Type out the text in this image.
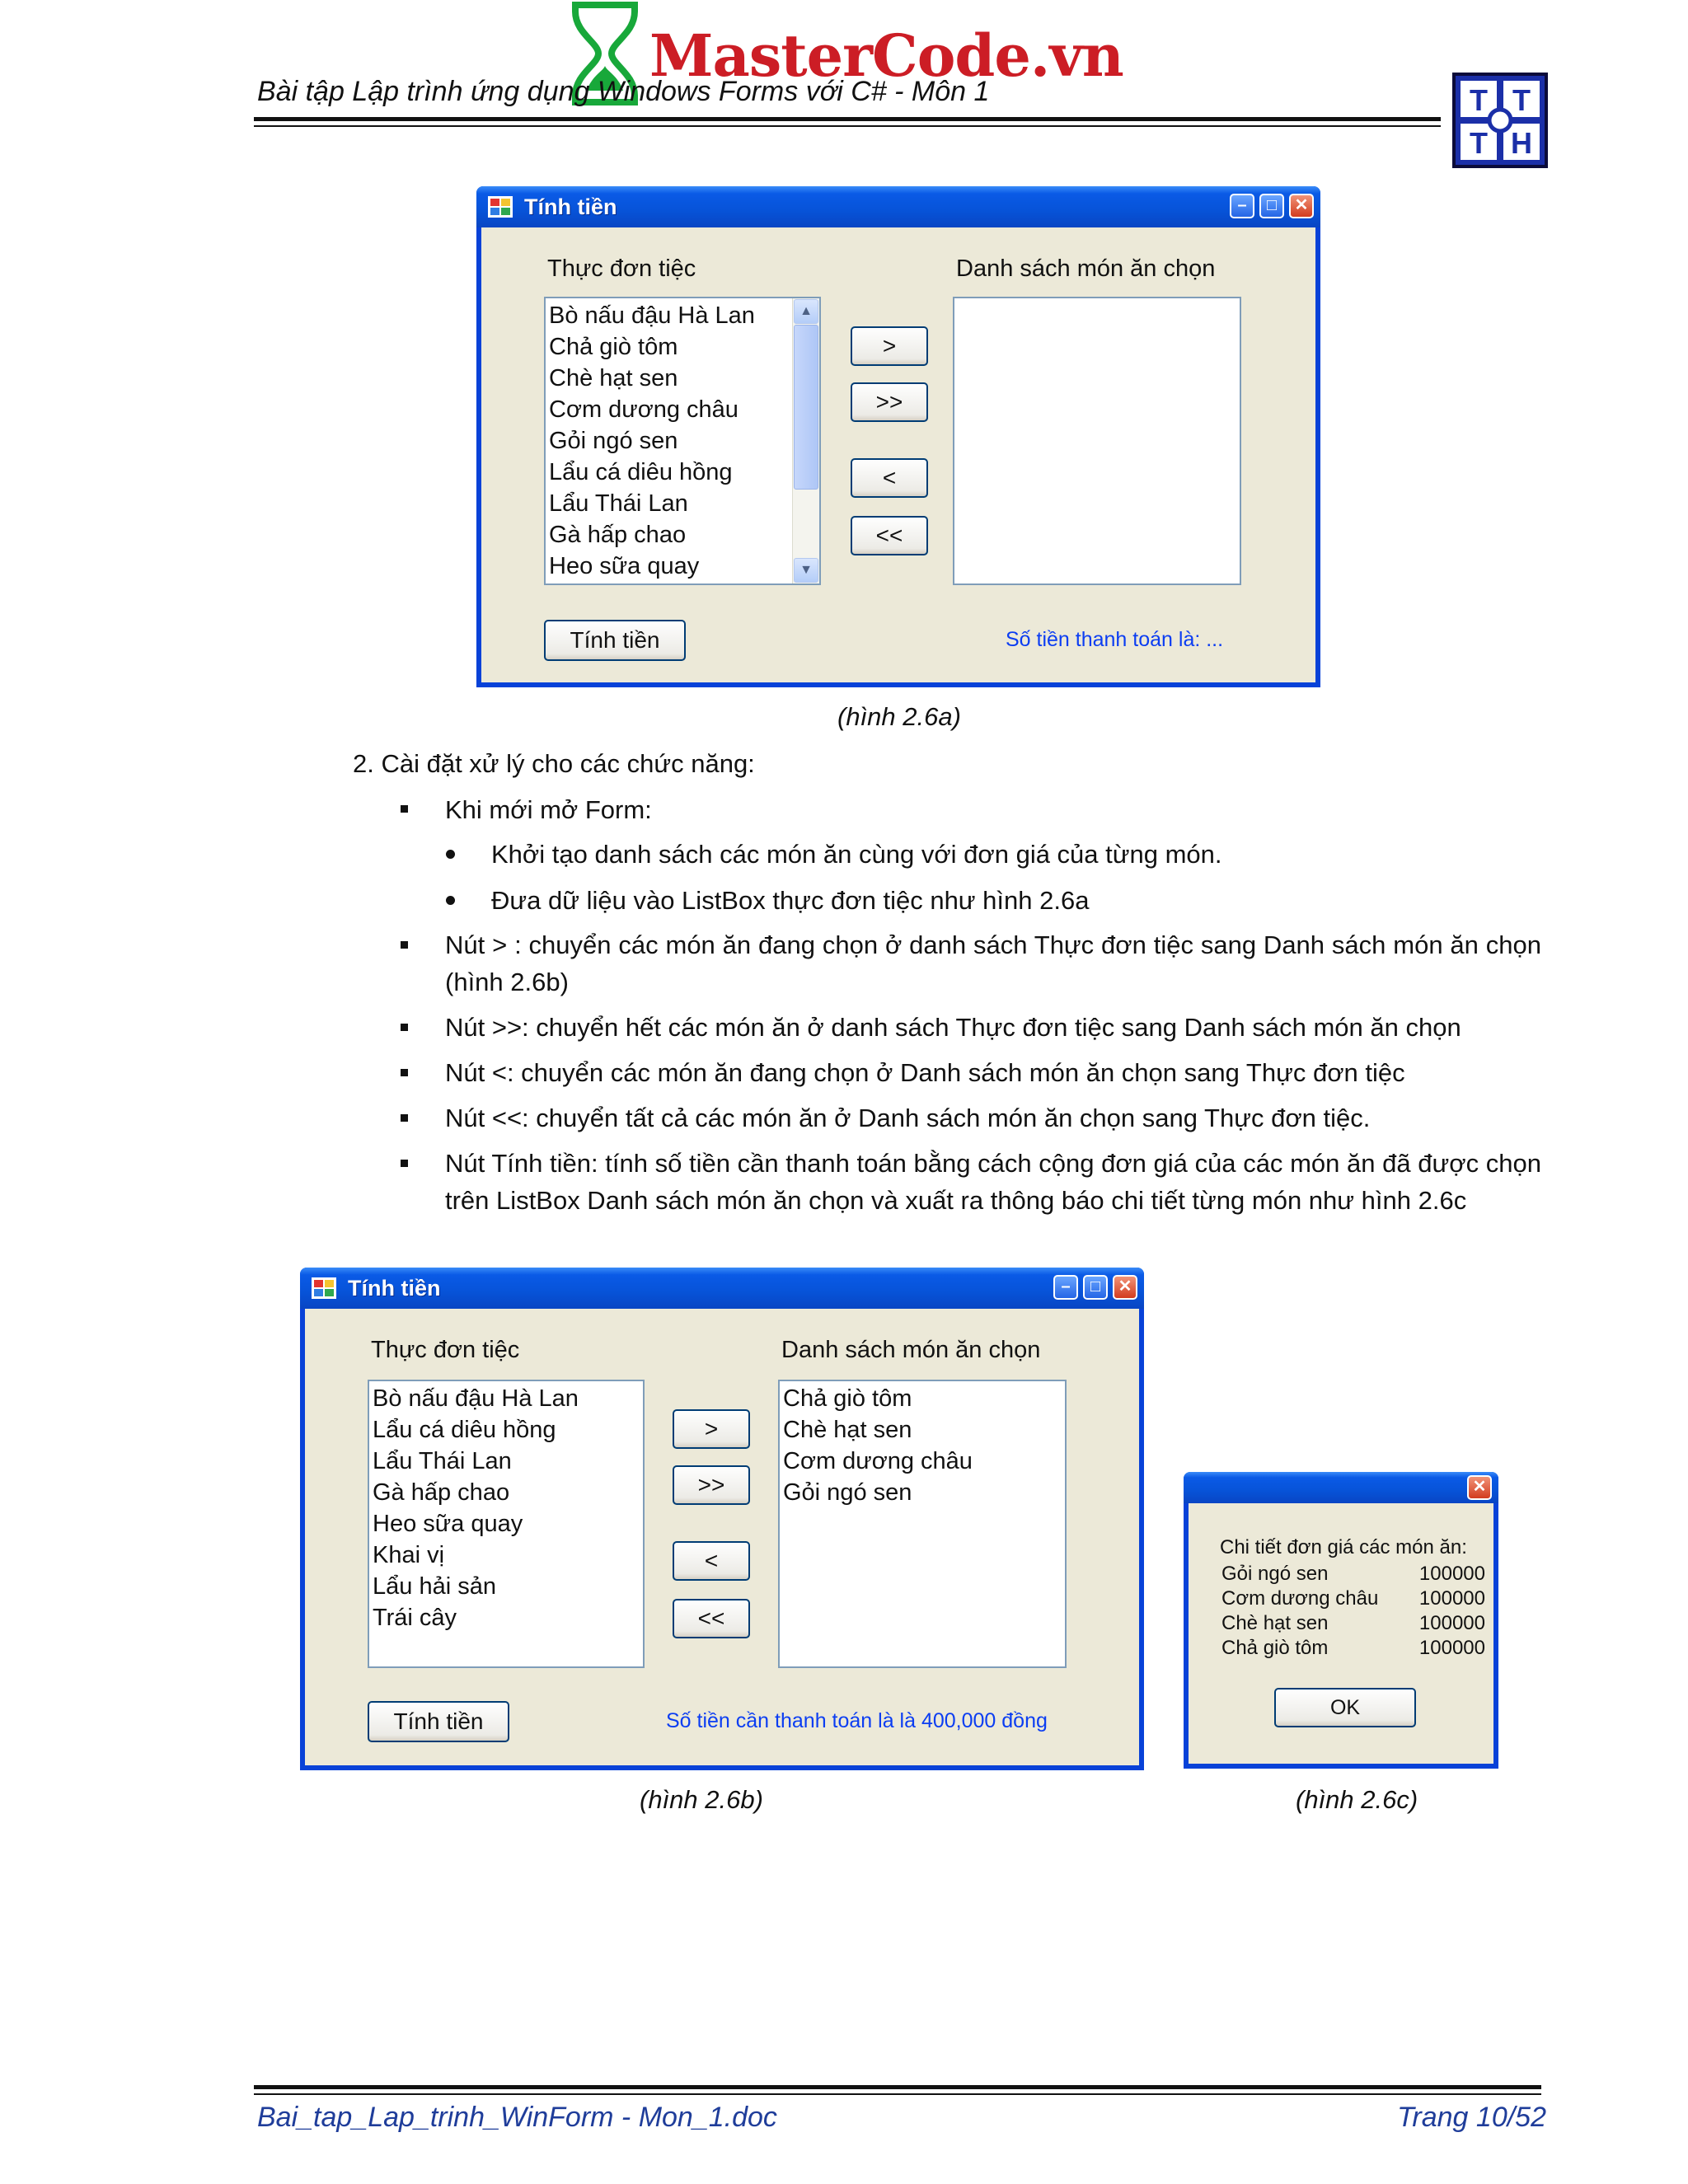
MasterCode.vn
Bài tập Lập trình ứng dụng Windows Forms với C# - Môn 1	T T
T H
Tính tiền	–	□	✕
Thực đơn tiệc	Danh sách món ăn chọn
Bò nấu đậu Hà Lan
Chả giò tôm
Chè hạt sen
Cơm dương châu
Gỏi ngó sen
Lẩu cá diêu hồng
Lẩu Thái Lan
Gà hấp chao
Heo sữa quay
▲
▼
>
>>
<
<<
Tính tiền	Số tiền thanh toán là: ...
(hình 2.6a)
2. Cài đặt xử lý cho các chức năng:
Khi mới mở Form:
Khởi tạo danh sách các món ăn cùng với đơn giá của từng món.
Đưa dữ liệu vào ListBox thực đơn tiệc như hình 2.6a
Nút > : chuyển các món ăn đang chọn ở danh sách Thực đơn tiệc sang Danh sách món ăn chọn (hình 2.6b)
Nút >>: chuyển hết các món ăn ở danh sách Thực đơn tiệc sang Danh sách món ăn chọn
Nút <: chuyển các món ăn đang chọn ở Danh sách món ăn chọn sang Thực đơn tiệc
Nút <<: chuyển tất cả các món ăn ở Danh sách món ăn chọn sang Thực đơn tiệc.
Nút Tính tiền: tính số tiền cần thanh toán bằng cách cộng đơn giá của các món ăn đã được chọn trên ListBox Danh sách món ăn chọn và xuất ra thông báo chi tiết từng món như hình 2.6c
Tính tiền	–	□	✕
Thực đơn tiệc	Danh sách món ăn chọn
Bò nấu đậu Hà Lan
Lẩu cá diêu hồng
Lẩu Thái Lan
Gà hấp chao
Heo sữa quay
Khai vị
Lẩu hải sản
Trái cây
>
>>
<
<<
Chả giò tôm
Chè hạt sen
Cơm dương châu
Gỏi ngó sen
Tính tiền	Số tiền cần thanh toán là là 400,000 đồng
(hình 2.6b)
✕
Chi tiết đơn giá các món ăn:
Gỏi ngó sen	100000
Cơm dương châu 100000
Chè hạt sen	100000
Chả giò tôm	100000
OK
(hình 2.6c)
Bai_tap_Lap_trinh_WinForm - Mon_1.doc	Trang 10/52
